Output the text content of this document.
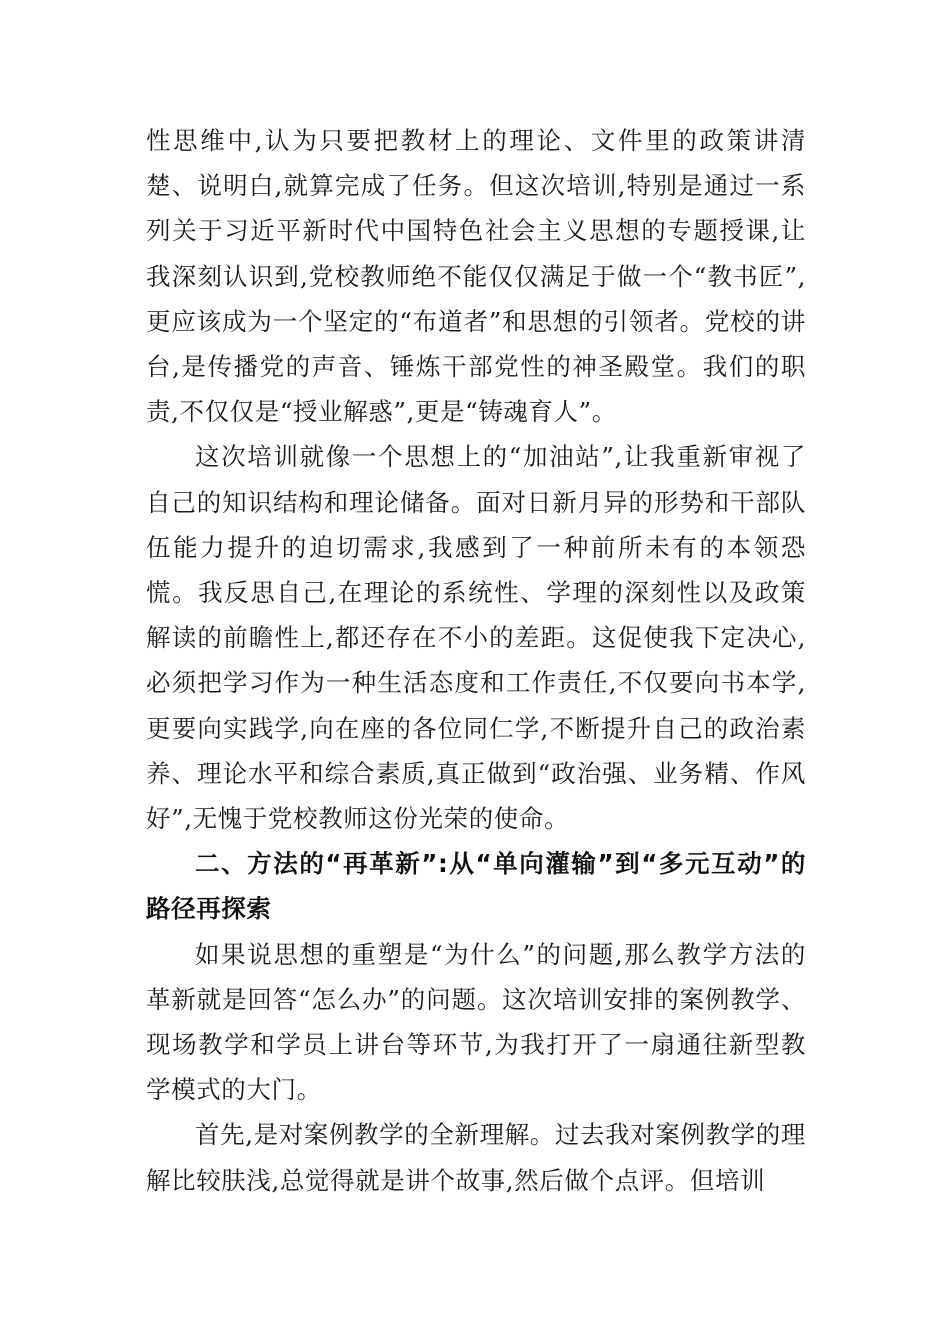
性思维中,认为只要把教材上的理论、文件里的政策讲清楚、说明白,就算完成了任务。但这次培训,特别是通过一系列关于习近平新时代中国特色社会主义思想的专题授课,让我深刻认识到,党校教师绝不能仅仅满足于做一个“教书匠”,更应该成为一个坚定的“布道者”和思想的引领者。党校的讲台,是传播党的声音、锤炼干部党性的神圣殿堂。我们的职责,不仅仅是“授业解惑”,更是“铸魂育人”。

这次培训就像一个思想上的“加油站”,让我重新审视了自己的知识结构和理论储备。面对日新月异的形势和干部队伍能力提升的迫切需求,我感到了一种前所未有的本领恐慌。我反思自己,在理论的系统性、学理的深刻性以及政策解读的前瞻性上,都还存在不小的差距。这促使我下定决心,必须把学习作为一种生活态度和工作责任,不仅要向书本学,更要向实践学,向在座的各位同仁学,不断提升自己的政治素养、理论水平和综合素质,真正做到“政治强、业务精、作风好”,无愧于党校教师这份光荣的使命。

二、方法的“再革新”:从“单向灌输”到“多元互动”的路径再探索

如果说思想的重塑是“为什么”的问题,那么教学方法的革新就是回答“怎么办”的问题。这次培训安排的案例教学、现场教学和学员上讲台等环节,为我打开了一扇通往新型教学模式的大门。

首先,是对案例教学的全新理解。过去我对案例教学的理解比较肤浅,总觉得就是讲个故事,然后做个点评。但培训
